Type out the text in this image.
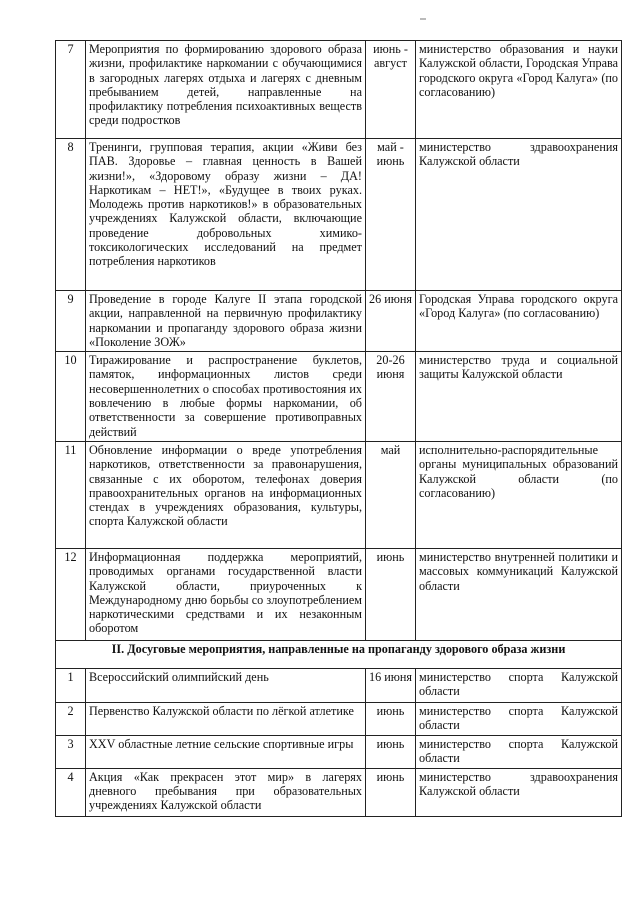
7	Мероприятия по формированию здорового образа жизни, профилактике наркомании с обучающимися в загородных лагерях отдыха и лагерях с дневным пребыванием детей, направленные на профилактику потребления психоактивных веществ среди подростков	июнь - август	министерство образования и науки Калужской области, Городская Управа городского округа «Город Калуга» (по согласованию)
8	Тренинги, групповая терапия, акции «Живи без ПАВ. Здоровье – главная ценность в Вашей жизни!», «Здоровому образу жизни – ДА! Наркотикам – НЕТ!», «Будущее в твоих руках. Молодежь против наркотиков!» в образовательных учреждениях Калужской области, включающие проведение добровольных химико-токсикологических исследований на предмет потребления наркотиков	май - июнь	министерство здравоохранения Калужской области
9	Проведение в городе Калуге II этапа городской акции, направленной на первичную профилактику наркомании и пропаганду здорового образа жизни «Поколение ЗОЖ»	26 июня	Городская Управа городского округа «Город Калуга» (по согласованию)
10	Тиражирование и распространение буклетов, памяток, информационных листов среди несовершеннолетних о способах противостояния их вовлечению в любые формы наркомании, об ответственности за совершение противоправных действий	20-26 июня	министерство труда и социальной защиты Калужской области
11	Обновление информации о вреде употребления наркотиков, ответственности за правонарушения, связанные с их оборотом, телефонах доверия правоохранительных органов на информационных стендах в учреждениях образования, культуры, спорта Калужской области	май	исполнительно-распорядительные органы муниципальных образований Калужской области (по согласованию)
12	Информационная поддержка мероприятий, проводимых органами государственной власти Калужской области, приуроченных к Международному дню борьбы со злоупотреблением наркотическими средствами и их незаконным оборотом	июнь	министерство внутренней политики и массовых коммуникаций Калужской области
II. Досуговые мероприятия, направленные на пропаганду здорового образа жизни			
1	Всероссийский олимпийский день	16 июня	министерство спорта Калужской области
2	Первенство Калужской области по лёгкой атлетике	июнь	министерство спорта Калужской области
3	XXV областные летние сельские спортивные игры	июнь	министерство спорта Калужской области
4	Акция «Как прекрасен этот мир» в лагерях дневного пребывания при образовательных учреждениях Калужской области	июнь	министерство здравоохранения Калужской области
